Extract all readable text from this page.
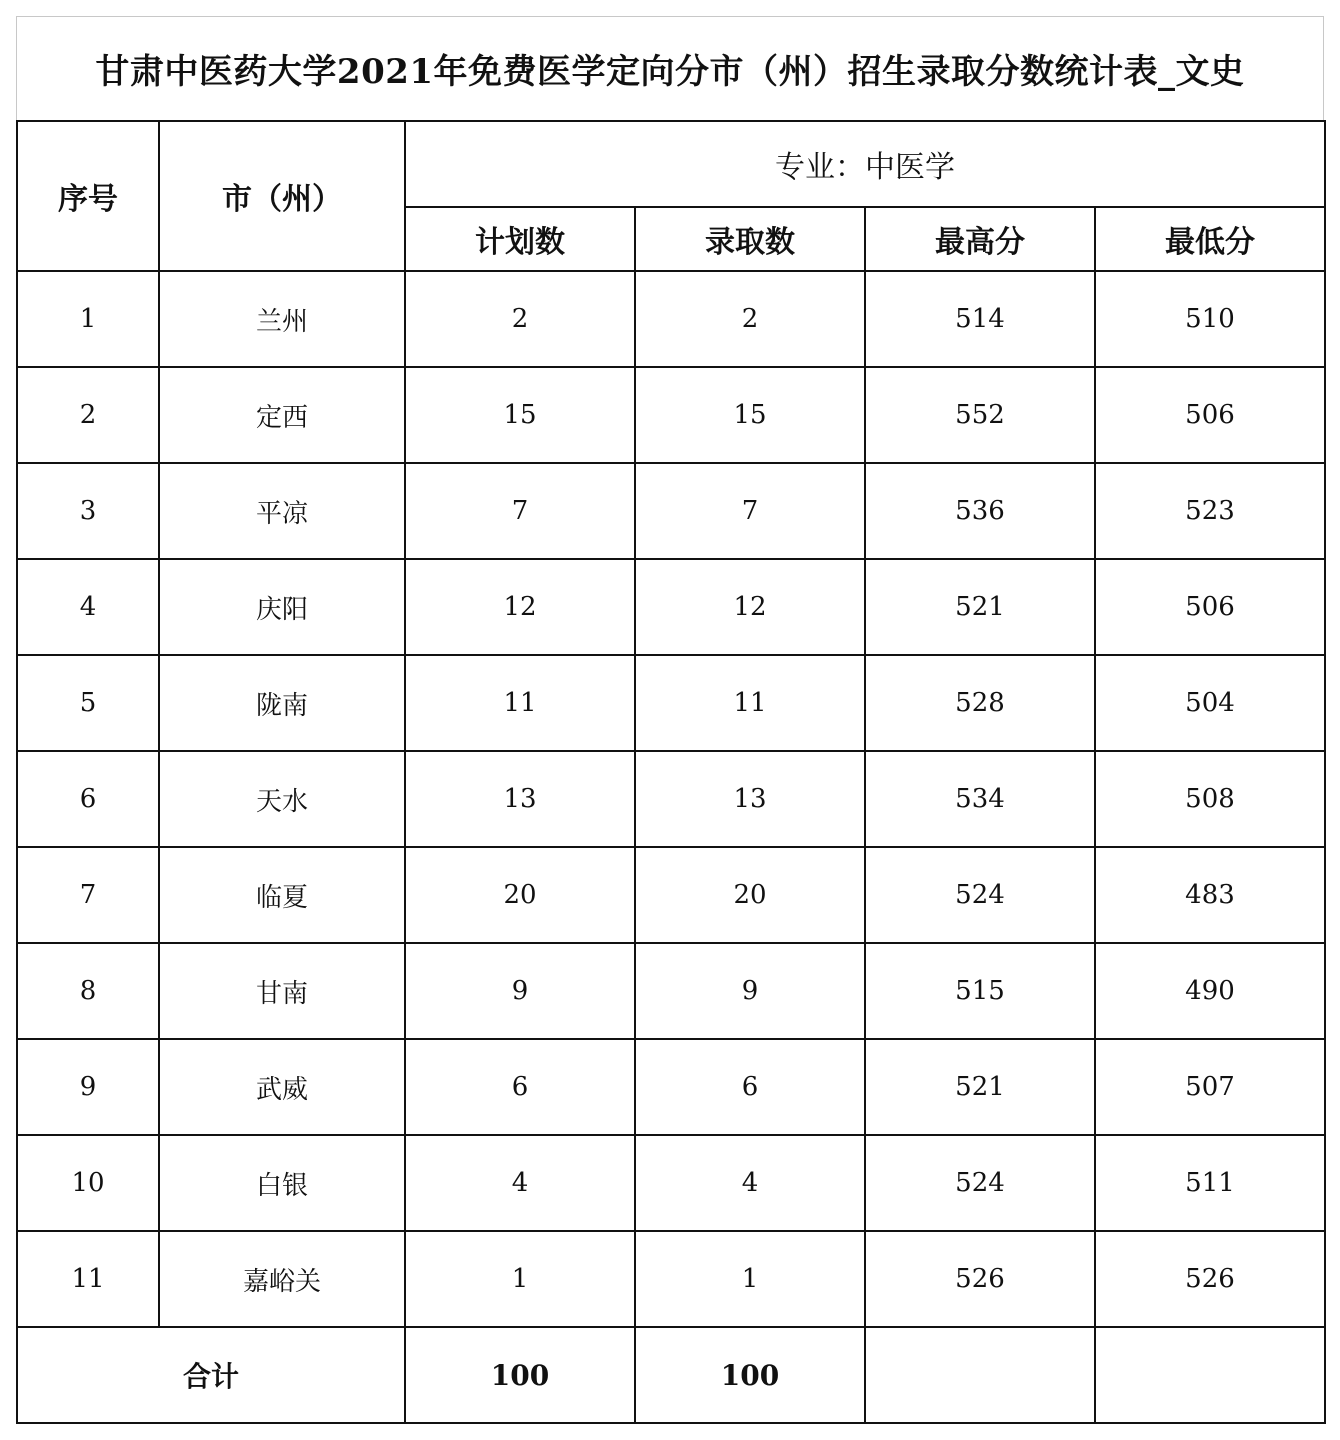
甘肃中医药大学2021年免费医学定向分市（州）招生录取分数统计表_文史
序号	市（州）	专业：中医学			
		计划数	录取数	最高分	最低分
1	兰州	2	2	514	510
2	定西	15	15	552	506
3	平凉	7	7	536	523
4	庆阳	12	12	521	506
5	陇南	11	11	528	504
6	天水	13	13	534	508
7	临夏	20	20	524	483
8	甘南	9	9	515	490
9	武威	6	6	521	507
10	白银	4	4	524	511
11	嘉峪关	1	1	526	526
合计		100	100		
